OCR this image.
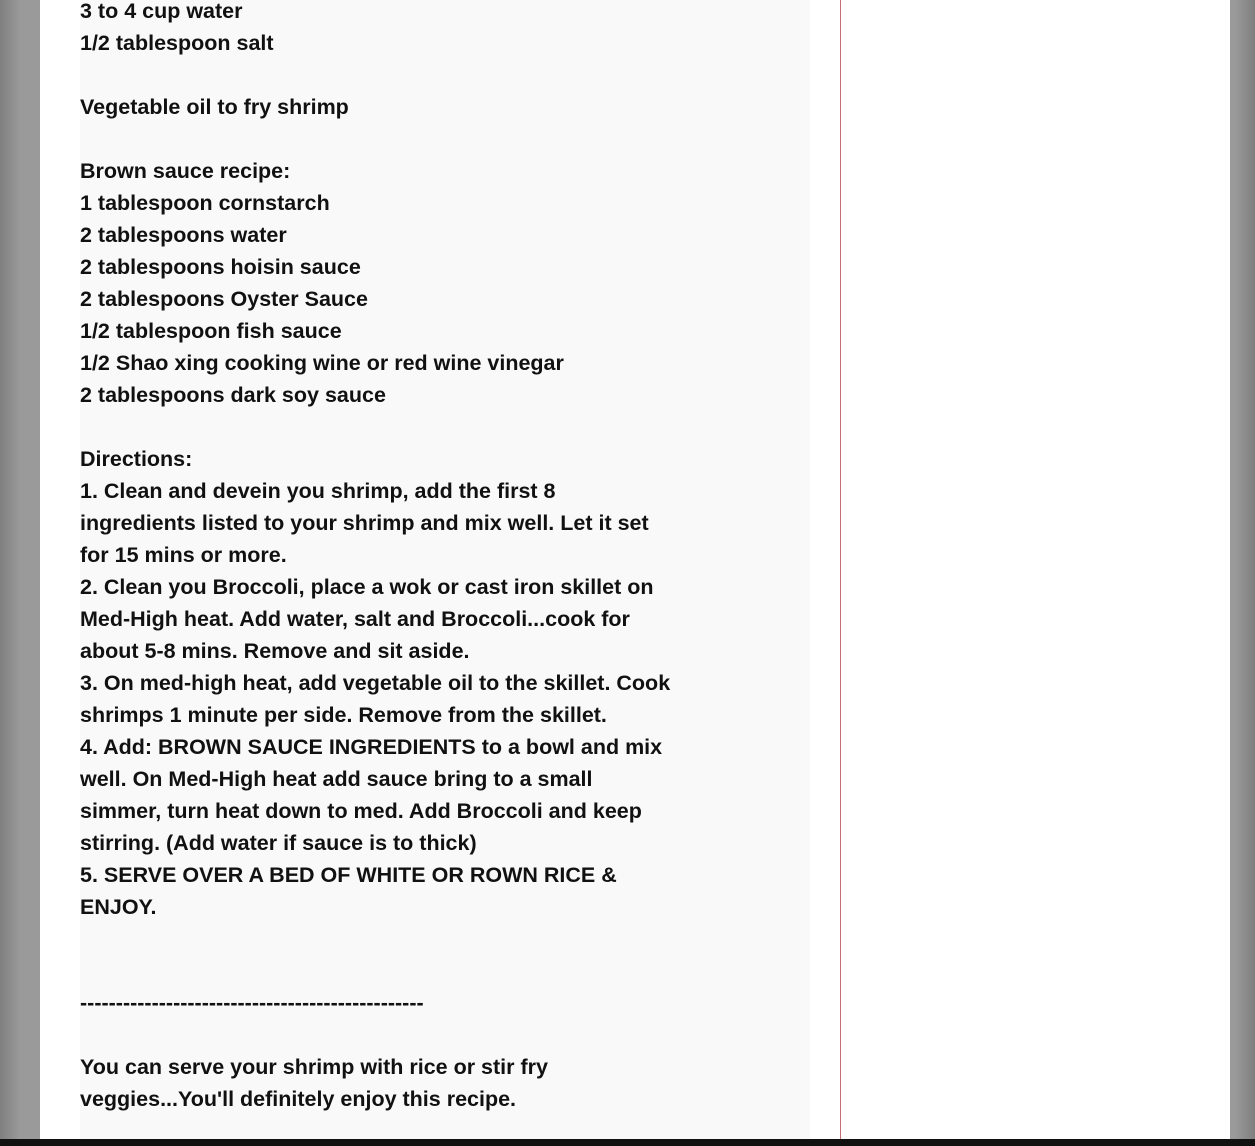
3 to 4 cup water
1/2 tablespoon salt
Vegetable oil to fry shrimp
Brown sauce recipe:
1 tablespoon cornstarch
2 tablespoons water
2 tablespoons hoisin sauce
2 tablespoons Oyster Sauce
1/2 tablespoon fish sauce
1/2 Shao xing cooking wine or red wine vinegar
2 tablespoons dark soy sauce
Directions:
1. Clean and devein you shrimp, add the first 8
ingredients listed to your shrimp and mix well. Let it set
for 15 mins or more.
2. Clean you Broccoli, place a wok or cast iron skillet on
Med-High heat. Add water, salt and Broccoli...cook for
about 5-8 mins. Remove and sit aside.
3. On med-high heat, add vegetable oil to the skillet. Cook
shrimps 1 minute per side. Remove from the skillet.
4. Add: BROWN SAUCE INGREDIENTS to a bowl and mix
well. On Med-High heat add sauce bring to a small
simmer, turn heat down to med. Add Broccoli and keep
stirring. (Add water if sauce is to thick)
5. SERVE OVER A BED OF WHITE OR ROWN RICE &
ENJOY.
------------------------------------------------
You can serve your shrimp with rice or stir fry
veggies...You'll definitely enjoy this recipe.
